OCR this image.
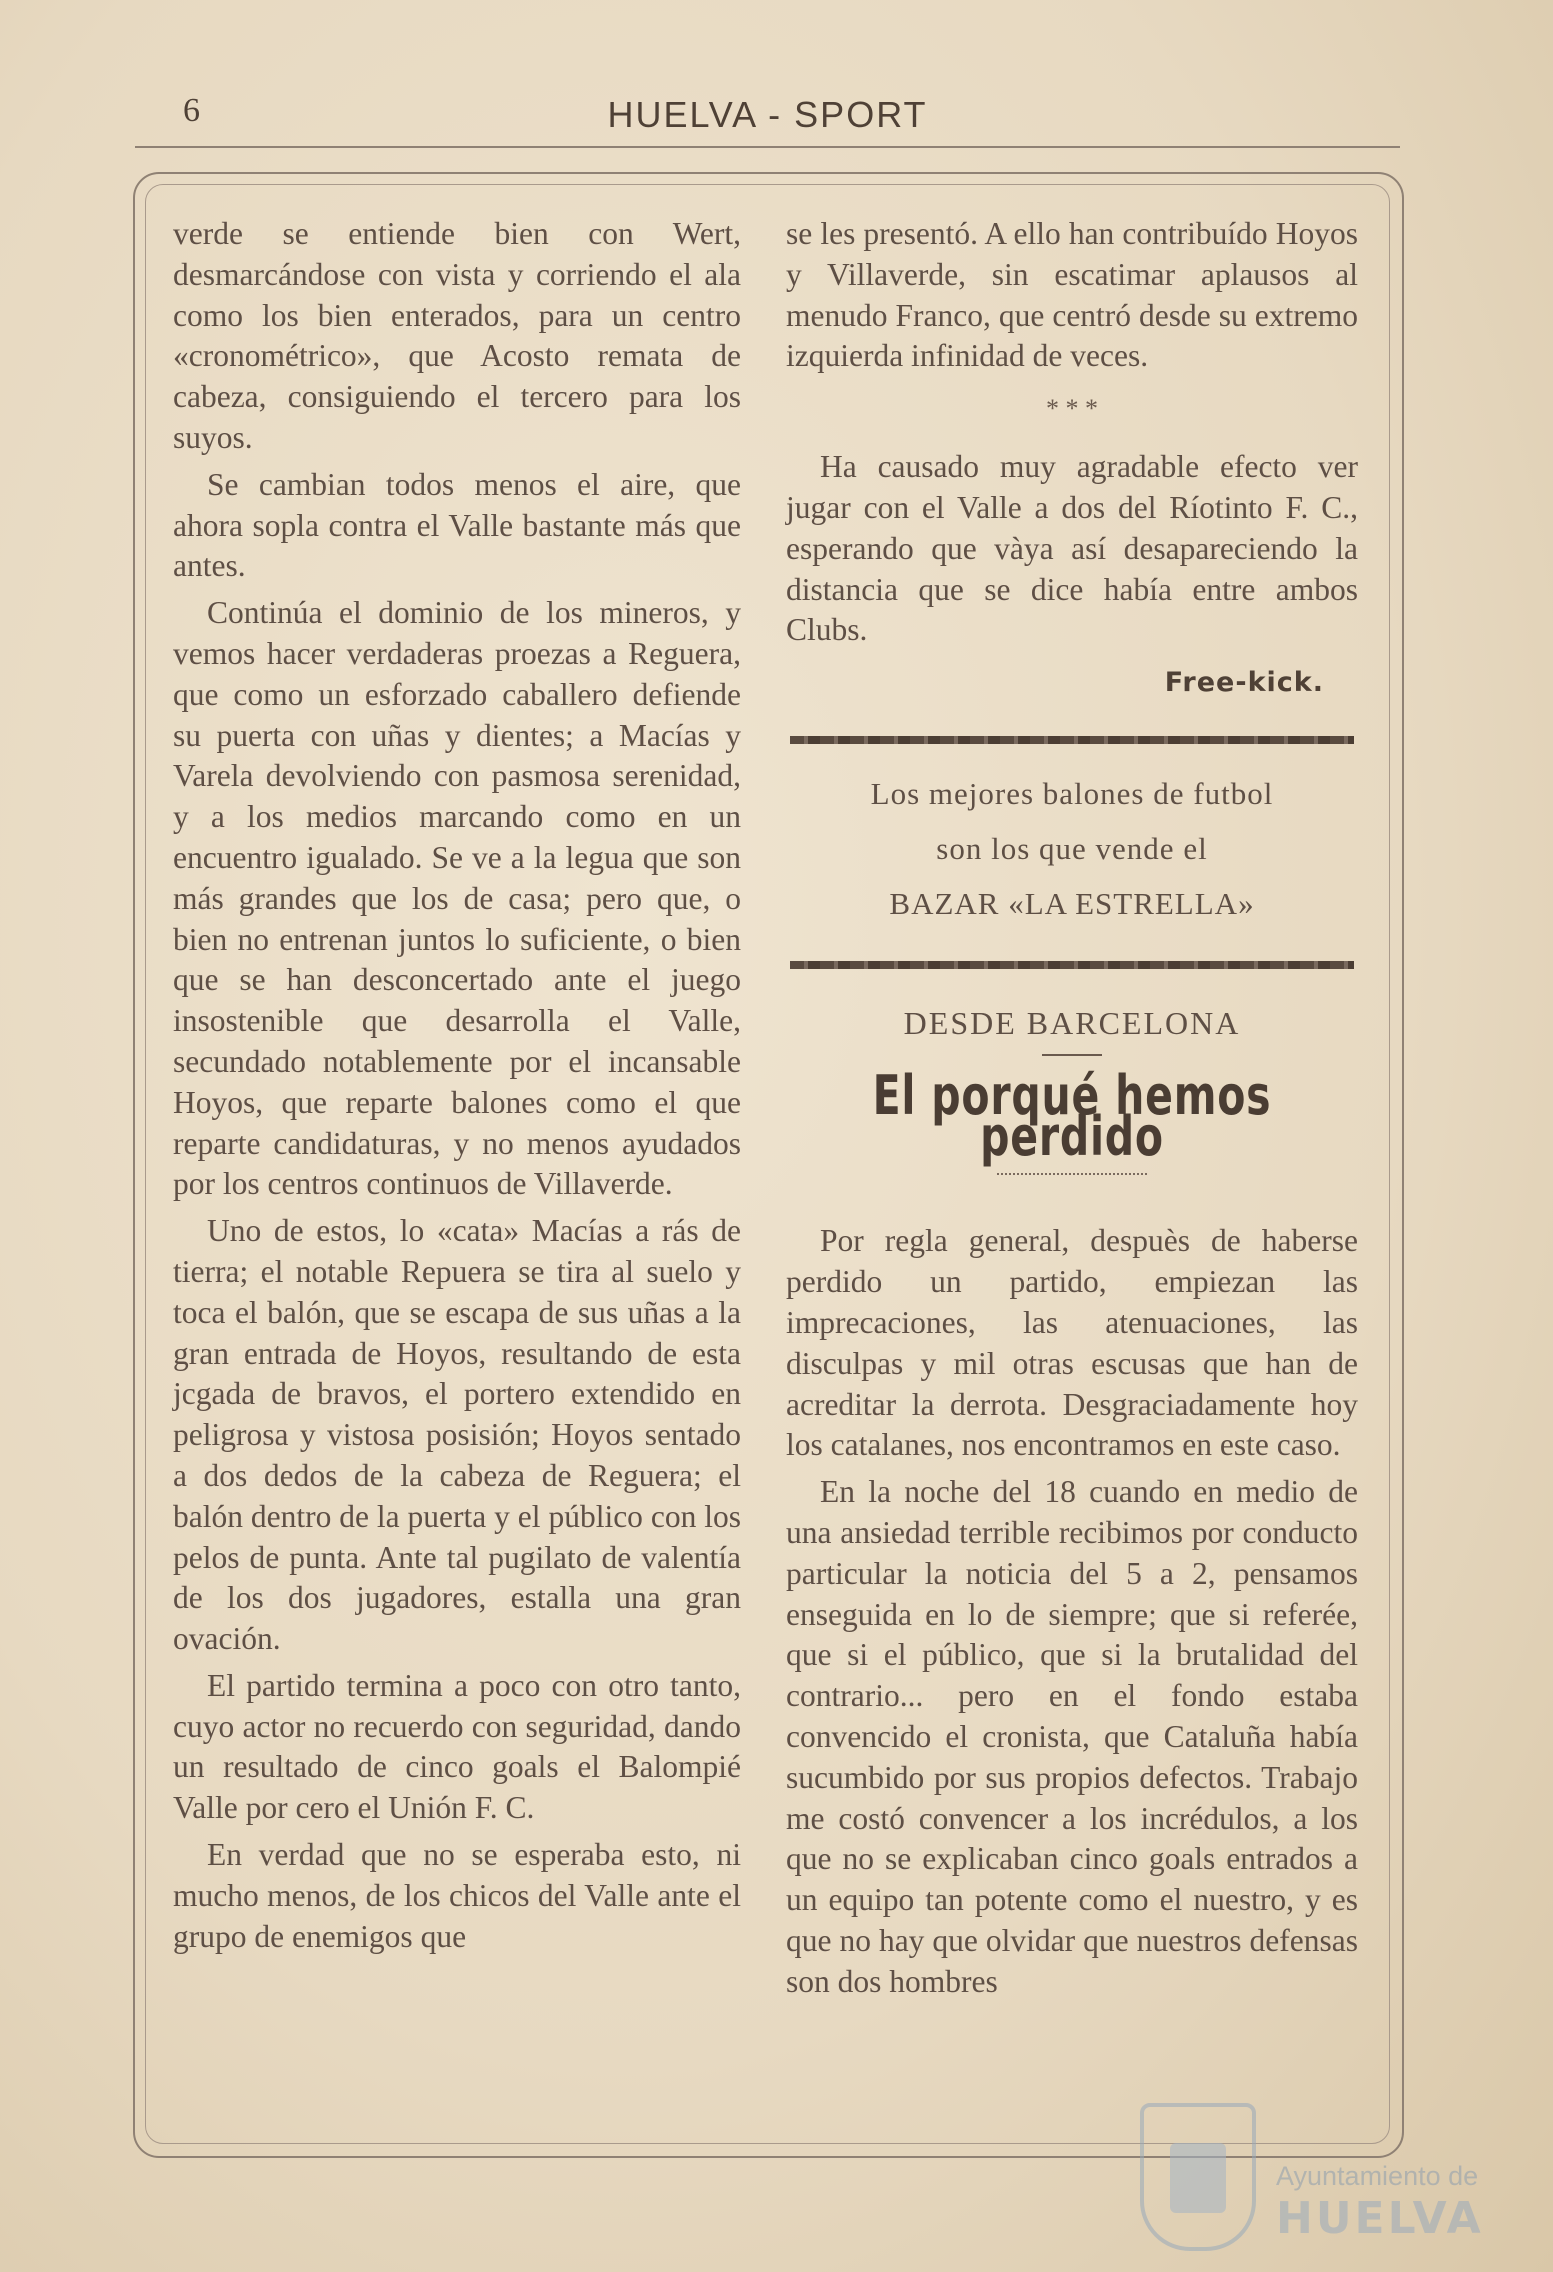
6	HUELVA - SPORT

verde se entiende bien con Wert, desmarcándose con vista y corriendo el ala como los bien enterados, para un centro «cronométrico», que Acosto remata de cabeza, consiguiendo el tercero para los suyos.

Se cambian todos menos el aire, que ahora sopla contra el Valle bastante más que antes.

Continúa el dominio de los mineros, y vemos hacer verdaderas proezas a Reguera, que como un esforzado caballero defiende su puerta con uñas y dientes; a Macías y Varela devolviendo con pasmosa serenidad, y a los medios marcando como en un encuentro igualado. Se ve a la legua que son más grandes que los de casa; pero que, o bien no entrenan juntos lo suficiente, o bien que se han desconcertado ante el juego insostenible que desarrolla el Valle, secundado notablemente por el incansable Hoyos, que reparte balones como el que reparte candidaturas, y no menos ayudados por los centros continuos de Villaverde.

Uno de estos, lo «cata» Macías a rás de tierra; el notable Repuera se tira al suelo y toca el balón, que se escapa de sus uñas a la gran entrada de Hoyos, resultando de esta jcgada de bravos, el portero extendido en peligrosa y vistosa posisión; Hoyos sentado a dos dedos de la cabeza de Reguera; el balón dentro de la puerta y el público con los pelos de punta. Ante tal pugilato de valentía de los dos jugadores, estalla una gran ovación.

El partido termina a poco con otro tanto, cuyo actor no recuerdo con seguridad, dando un resultado de cinco goals el Balompié Valle por cero el Unión F. C.

En verdad que no se esperaba esto, ni mucho menos, de los chicos del Valle ante el grupo de enemigos que

se les presentó. A ello han contribuído Hoyos y Villaverde, sin escatimar aplausos al menudo Franco, que centró desde su extremo izquierda infinidad de veces.

* * *

Ha causado muy agradable efecto ver jugar con el Valle a dos del Ríotinto F. C., esperando que vàya así desapareciendo la distancia que se dice había entre ambos Clubs.

Free-kick.
Los mejores balones de futbol
son los que vende el
BAZAR «LA ESTRELLA»
DESDE BARCELONA
El porqué hemos perdido

Por regla general, despuès de haberse perdido un partido, empiezan las imprecaciones, las atenuaciones, las disculpas y mil otras escusas que han de acreditar la derrota. Desgraciadamente hoy los catalanes, nos encontramos en este caso.

En la noche del 18 cuando en medio de una ansiedad terrible recibimos por conducto particular la noticia del 5 a 2, pensamos enseguida en lo de siempre; que si referée, que si el público, que si la brutalidad del contrario... pero en el fondo estaba convencido el cronista, que Cataluña había sucumbido por sus propios defectos. Trabajo me costó convencer a los incrédulos, a los que no se explicaban cinco goals entrados a un equipo tan potente como el nuestro, y es que no hay que olvidar que nuestros defensas son dos hombres

Ayuntamiento de
HUELVA
